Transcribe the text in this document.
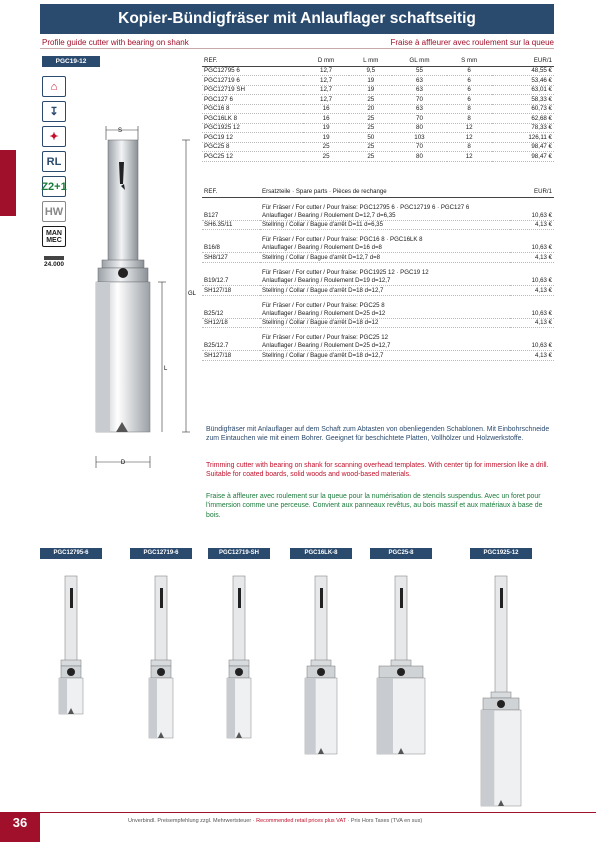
Kopier-Bündigfräser mit Anlauflager schaftseitig
Profile guide cutter with bearing on shank	Fraise à affleurer avec roulement sur la queue
PGC19-12
⌂
↧
✦
RL
Z2+1
HW
MAN
MEC
24.000
S
GL
L
D
REF.	D mm	L mm	GL mm	S mm	EUR/1
PGC12795 6	12,7	9,5	55	6	48,55 €
PGC12719 6	12,7	19	63	6	53,46 €
PGC12719 SH	12,7	19	63	6	63,01 €
PGC127 6	12,7	25	70	6	58,33 €
PGC16 8	16	20	63	8	60,73 €
PGC16LK 8	16	25	70	8	62,68 €
PGC1925 12	19	25	80	12	78,33 €
PGC19 12	19	50	103	12	126,11 €
PGC25 8	25	25	70	8	98,47 €
PGC25 12	25	25	80	12	98,47 €
REF.	Ersatzteile · Spare parts · Pièces de rechange	EUR/1
	Für Fräser / For cutter / Pour fraise: PGC12795 6 · PGC12719 6 · PGC127 6	
B127	Anlauflager / Bearing / Roulement D=12,7 d=6,35	10,63 €
SH6.35/11	Stellring / Collar / Bague d'arrêt D=11 d=6,35	4,13 €
	Für Fräser / For cutter / Pour fraise: PGC16 8 · PGC16LK 8	
B16/8	Anlauflager / Bearing / Roulement D=16 d=8	10,63 €
SH8/127	Stellring / Collar / Bague d'arrêt D=12,7 d=8	4,13 €
	Für Fräser / For cutter / Pour fraise: PGC1925 12 · PGC19 12	
B19/12.7	Anlauflager / Bearing / Roulement D=19 d=12,7	10,63 €
SH127/18	Stellring / Collar / Bague d'arrêt D=18 d=12,7	4,13 €
	Für Fräser / For cutter / Pour fraise: PGC25 8	
B25/12	Anlauflager / Bearing / Roulement D=25 d=12	10,63 €
SH12/18	Stellring / Collar / Bague d'arrêt D=18 d=12	4,13 €
	Für Fräser / For cutter / Pour fraise: PGC25 12	
B25/12.7	Anlauflager / Bearing / Roulement D=25 d=12,7	10,63 €
SH127/18	Stellring / Collar / Bague d'arrêt D=18 d=12,7	4,13 €
Bündigfräser mit Anlauflager auf dem Schaft zum Abtasten von obenliegenden Schablonen. Mit Einbohrschneide zum Eintauchen wie mit einem Bohrer. Geeignet für beschichtete Platten, Vollhölzer und Holzwerkstoffe.
Trimming cutter with bearing on shank for scanning overhead templates. With center tip for immersion like a drill. Suitable for coated boards, solid woods and wood-based materials.
Fraise à affleurer avec roulement sur la queue pour la numérisation de stencils suspendus. Avec un foret pour l'immersion comme une perceuse. Convient aux panneaux revêtus, au bois massif et aux matériaux à base de bois.
PGC12795-6	PGC12719-6	PGC12719-SH	PGC16LK-8	PGC25-8	PGC1925-12
36	Unverbindl. Preisempfehlung zzgl. Mehrwertsteuer · Recommended retail prices plus VAT · Prix Hors Taxes (TVA en sus)
